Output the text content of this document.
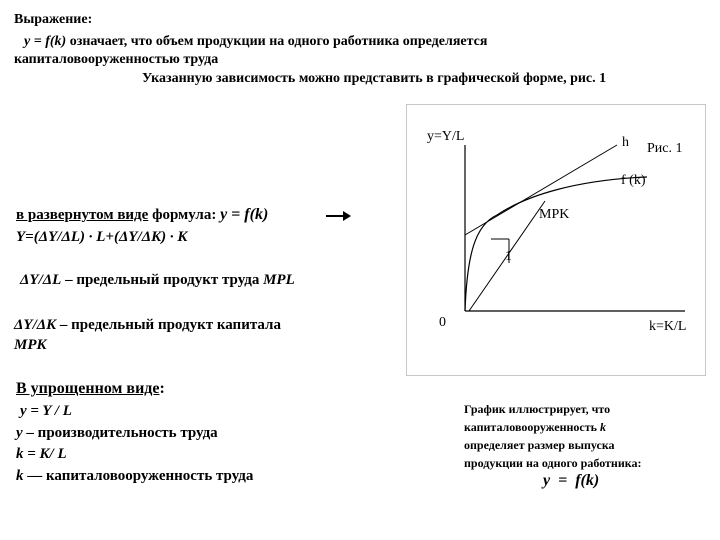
Выражение:
y = f(k) означает, что объем продукции на одного работника определяется
капиталовооруженностью труда
Указанную зависимость можно представить в графической форме, рис. 1
в развернутом виде формула: y = f(k)
Y=(ΔY/ΔL) · L+(ΔY/ΔK) · K
ΔY/ΔL – предельный продукт труда MPL
ΔY/ΔK – предельный продукт капитала
MPK
В упрощенном виде:
y = Y / L
y – производительность труда
k = K/ L
k — капиталовооруженность труда
y=Y/L	h Рис. 1
f (k)
MPK
1
0	k=K/L
График иллюстрирует, что
капиталовооруженность k
определяет размер выпуска
продукции на одного работника:
y  =  f(k)
